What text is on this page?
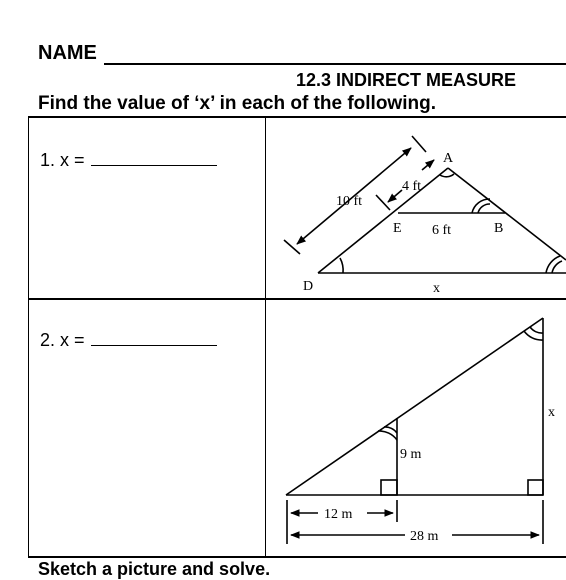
NAME
12.3 INDIRECT MEASURE
Find the value of ‘x’ in each of the following.
1. x =
2. x =
A
B
D
E
10 ft
4 ft
6 ft
x
9 m
x
12 m
28 m
Sketch a picture and solve.
